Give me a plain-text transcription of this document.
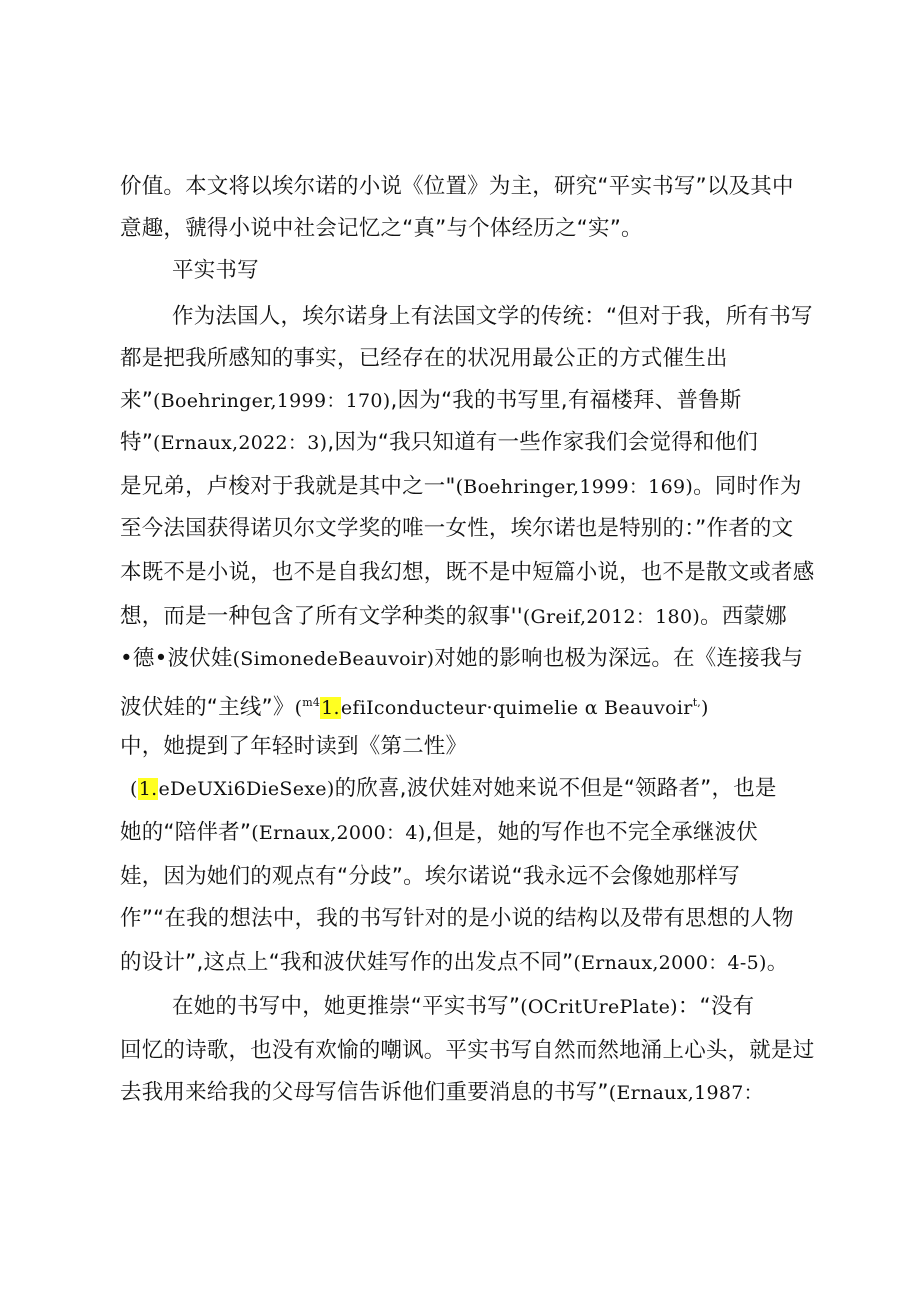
价值。本文将以埃尔诺的小说《位置》为主，研究“平实书写”以及其中
意趣，虢得小说中社会记忆之“真”与个体经历之“实”。
平实书写
作为法国人，埃尔诺身上有法国文学的传统：“但对于我，所有书写
都是把我所感知的事实，已经存在的状况用最公正的方式催生出
来”(Boehringer,1999：170),因为“我的书写里,有福楼拜、普鲁斯
特”(Ernaux,2022：3),因为“我只知道有一些作家我们会觉得和他们
是兄弟，卢梭对于我就是其中之一"(Boehringer,1999：169)。同时作为
至今法国获得诺贝尔文学奖的唯一女性，埃尔诺也是特别的：”作者的文
本既不是小说，也不是自我幻想，既不是中短篇小说，也不是散文或者感
想，而是一种包含了所有文学种类的叙事''(Greif,2012：180)。西蒙娜
•德•波伏娃(SimonedeBeauvoir)对她的影响也极为深远。在《连接我与
波伏娃的“主线”》($^{m4}$1.efiIconducteur·quimelie α Beauvoir$^{t,}$)
中，她提到了年轻时读到《第二性》
(1.eDeUXi6DieSexe)的欣喜,波伏娃对她来说不但是“领路者”，也是
她的“陪伴者”(Ernaux,2000：4),但是，她的写作也不完全承继波伏
娃，因为她们的观点有“分歧”。埃尔诺说“我永远不会像她那样写
作”“在我的想法中，我的书写针对的是小说的结构以及带有思想的人物
的设计”,这点上“我和波伏娃写作的出发点不同”(Ernaux,2000：4-5)。
在她的书写中，她更推崇“平实书写”(OCritUrePlate)：“没有
回忆的诗歌，也没有欢愉的嘲讽。平实书写自然而然地涌上心头，就是过
去我用来给我的父母写信告诉他们重要消息的书写”(Ernaux,1987：
